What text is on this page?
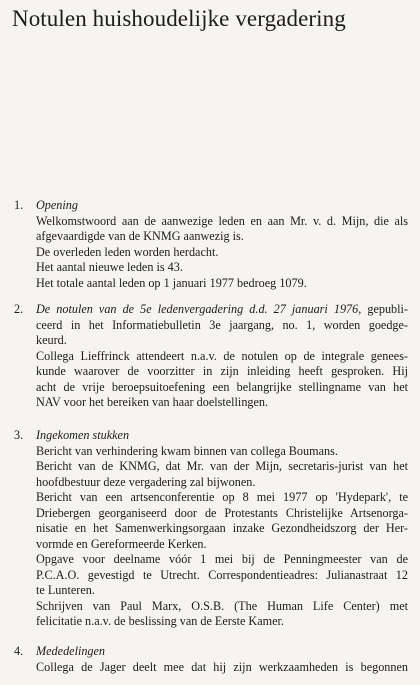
Notulen huishoudelijke vergadering
1. Opening
Welkomstwoord aan de aanwezige leden en aan Mr. v. d. Mijn, die als
afgevaardigde van de KNMG aanwezig is.
De overleden leden worden herdacht.
Het aantal nieuwe leden is 43.
Het totale aantal leden op 1 januari 1977 bedroeg 1079.
2. De notulen van de 5e ledenvergadering d.d. 27 januari 1976, gepubli-
ceerd in het Informatiebulletin 3e jaargang, no. 1, worden goedge-
keurd.
Collega Lieffrinck attendeert n.a.v. de notulen op de integrale genees-
kunde waarover de voorzitter in zijn inleiding heeft gesproken. Hij
acht de vrije beroepsuitoefening een belangrijke stellingname van het
NAV voor het bereiken van haar doelstellingen.
3. Ingekomen stukken
Bericht van verhindering kwam binnen van collega Boumans.
Bericht van de KNMG, dat Mr. van der Mijn, secretaris-jurist van het
hoofdbestuur deze vergadering zal bijwonen.
Bericht van een artsenconferentie op 8 mei 1977 op 'Hydepark', te
Driebergen georganiseerd door de Protestants Christelijke Artsenorga-
nisatie en het Samenwerkingsorgaan inzake Gezondheidszorg der Her-
vormde en Gereformeerde Kerken.
Opgave voor deelname vóór 1 mei bij de Penningmeester van de
P.C.A.O. gevestigd te Utrecht. Correspondentieadres: Julianastraat 12
te Lunteren.
Schrijven van Paul Marx, O.S.B. (The Human Life Center) met
felicitatie n.a.v. de beslissing van de Eerste Kamer.
4. Mededelingen
Collega de Jager deelt mee dat hij zijn werkzaamheden is begonnen
